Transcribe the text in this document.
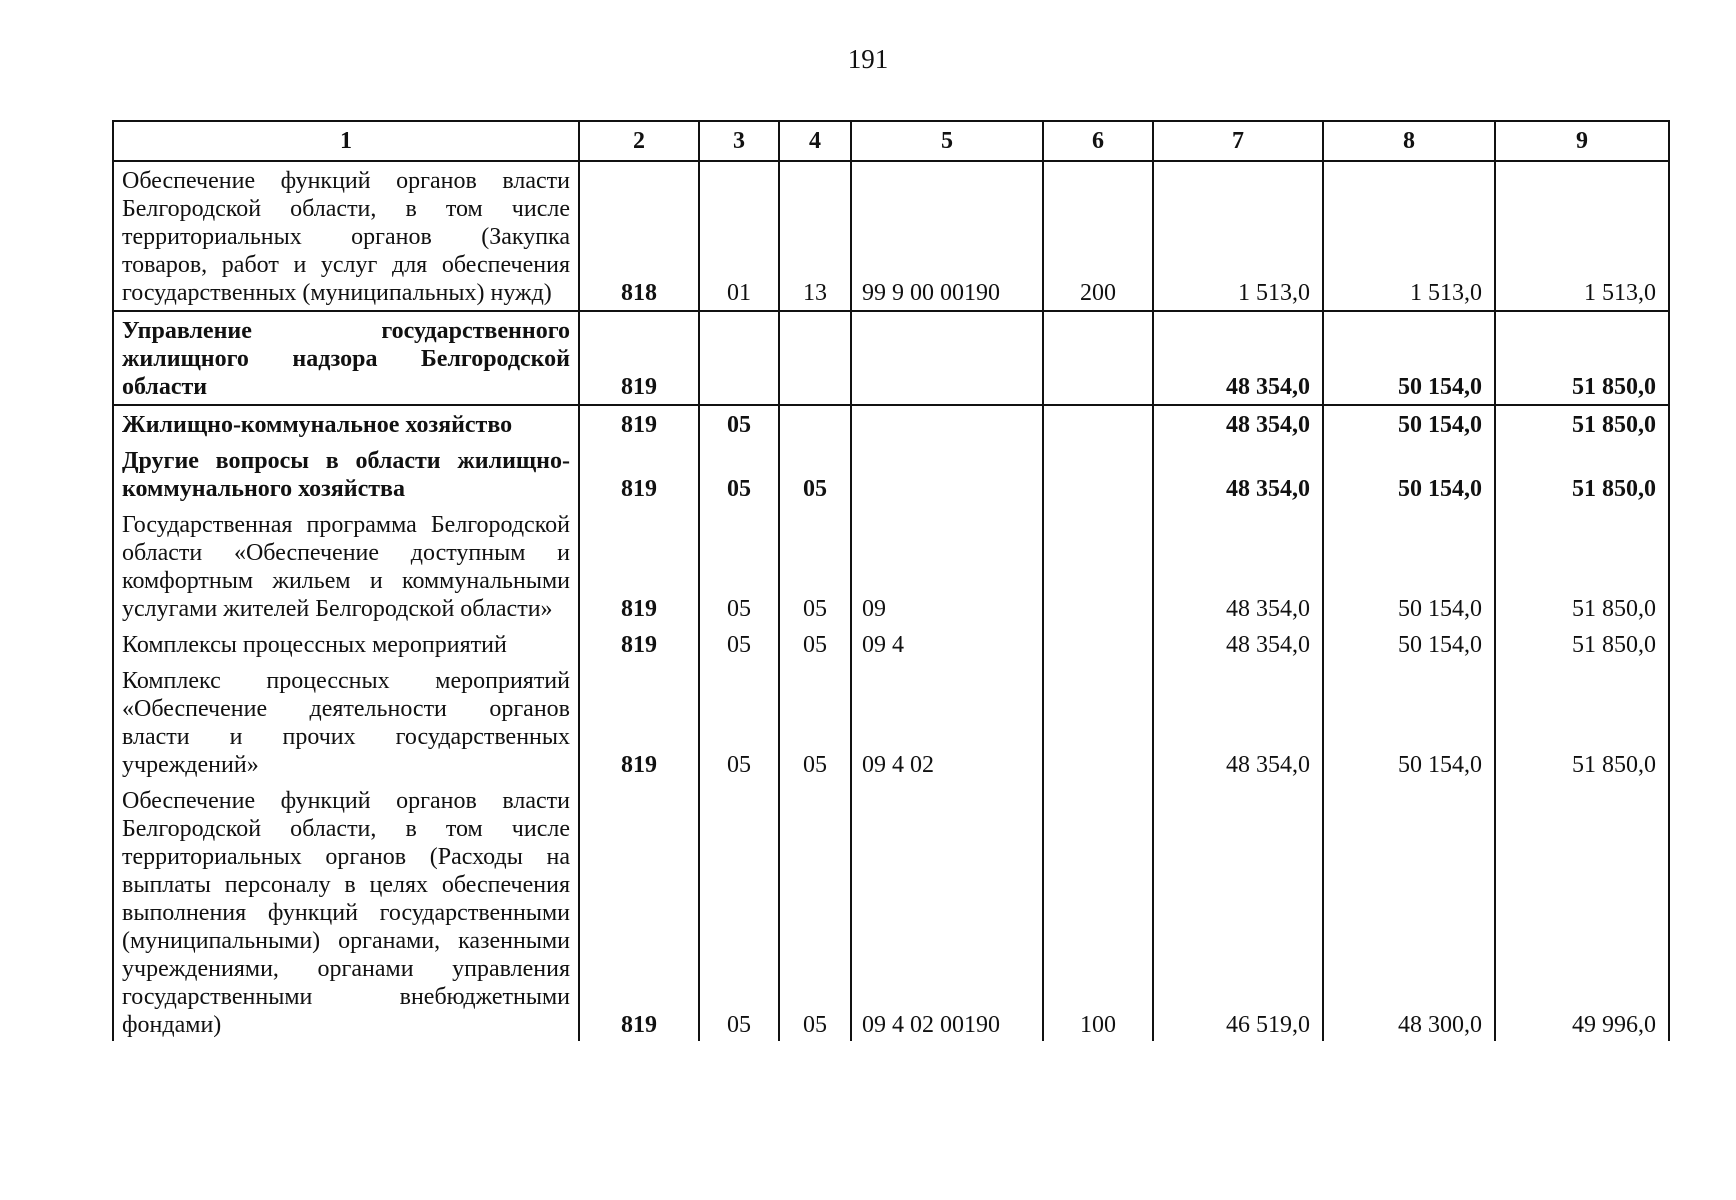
191
1	2	3	4	5	6	7	8	9
Обеспечение функций органов власти Белгородской области, в том числе территориальных органов (Закупка товаров, работ и услуг для обеспечения государственных (муниципальных) нужд)	818	01	13	99 9 00 00190	200	1 513,0	1 513,0	1 513,0
Управление государственного жилищного надзора Белгородской области	819					48 354,0	50 154,0	51 850,0
Жилищно-коммунальное хозяйство	819	05				48 354,0	50 154,0	51 850,0
Другие вопросы в области жилищно-коммунального хозяйства	819	05	05			48 354,0	50 154,0	51 850,0
Государственная программа Белгородской области «Обеспечение доступным и комфортным жильем и коммунальными услугами жителей Белгородской области»	819	05	05	09		48 354,0	50 154,0	51 850,0
Комплексы процессных мероприятий	819	05	05	09 4		48 354,0	50 154,0	51 850,0
Комплекс процессных мероприятий «Обеспечение деятельности органов власти и прочих государственных учреждений»	819	05	05	09 4 02		48 354,0	50 154,0	51 850,0
Обеспечение функций органов власти Белгородской области, в том числе территориальных органов (Расходы на выплаты персоналу в целях обеспечения выполнения функций государственными (муниципальными) органами, казенными учреждениями, органами управления государственными внебюджетными фондами)	819	05	05	09 4 02 00190	100	46 519,0	48 300,0	49 996,0
